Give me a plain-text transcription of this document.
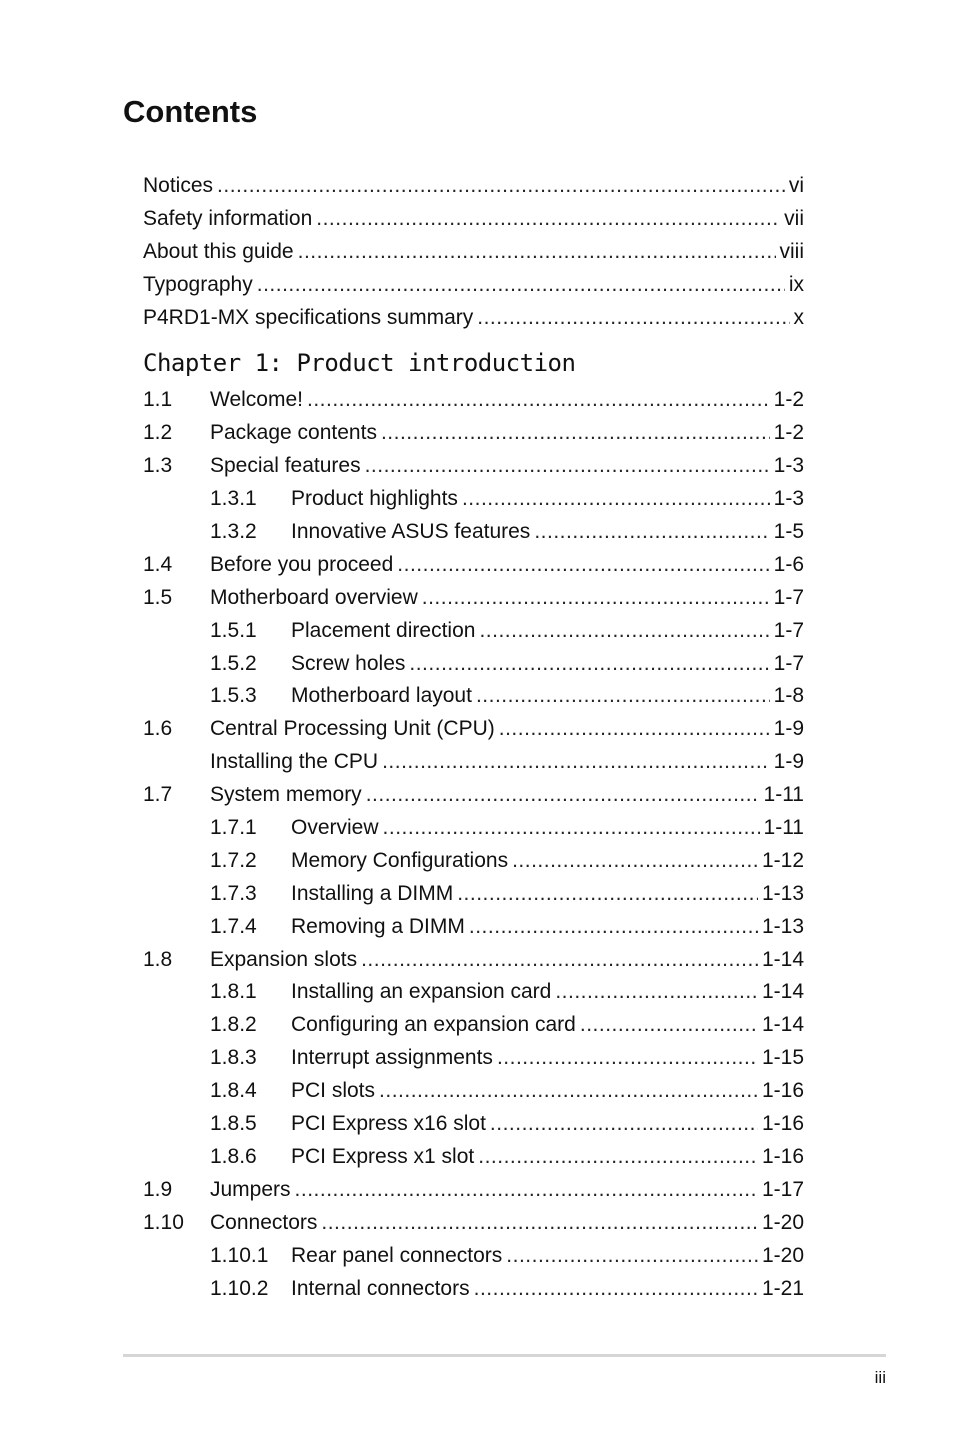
Contents
Notices .....	vi
Safety information .....	vii
About this guide .....	viii
Typography .....	ix
P4RD1-MX specifications summary .....	x
Chapter 1: Product introduction
1.1	Welcome! .....	1-2
1.2	Package contents .....	1-2
1.3	Special features .....	1-3
1.3.1	Product highlights .....	1-3
1.3.2	Innovative ASUS features .....	1-5
1.4	Before you proceed .....	1-6
1.5	Motherboard overview .....	1-7
1.5.1	Placement direction .....	1-7
1.5.2	Screw holes .....	1-7
1.5.3	Motherboard layout .....	1-8
1.6	Central Processing Unit (CPU) .....	1-9
Installing the CPU .....	1-9
1.7	System memory .....	1-11
1.7.1	Overview .....	1-11
1.7.2	Memory Configurations .....	1-12
1.7.3	Installing a DIMM .....	1-13
1.7.4	Removing a DIMM .....	1-13
1.8	Expansion slots .....	1-14
1.8.1	Installing an expansion card .....	1-14
1.8.2	Configuring an expansion card .....	1-14
1.8.3	Interrupt assignments .....	1-15
1.8.4	PCI slots .....	1-16
1.8.5	PCI Express x16 slot .....	1-16
1.8.6	PCI Express x1 slot .....	1-16
1.9	Jumpers .....	1-17
1.10	Connectors .....	1-20
1.10.1	Rear panel connectors .....	1-20
1.10.2	Internal connectors .....	1-21
iii
